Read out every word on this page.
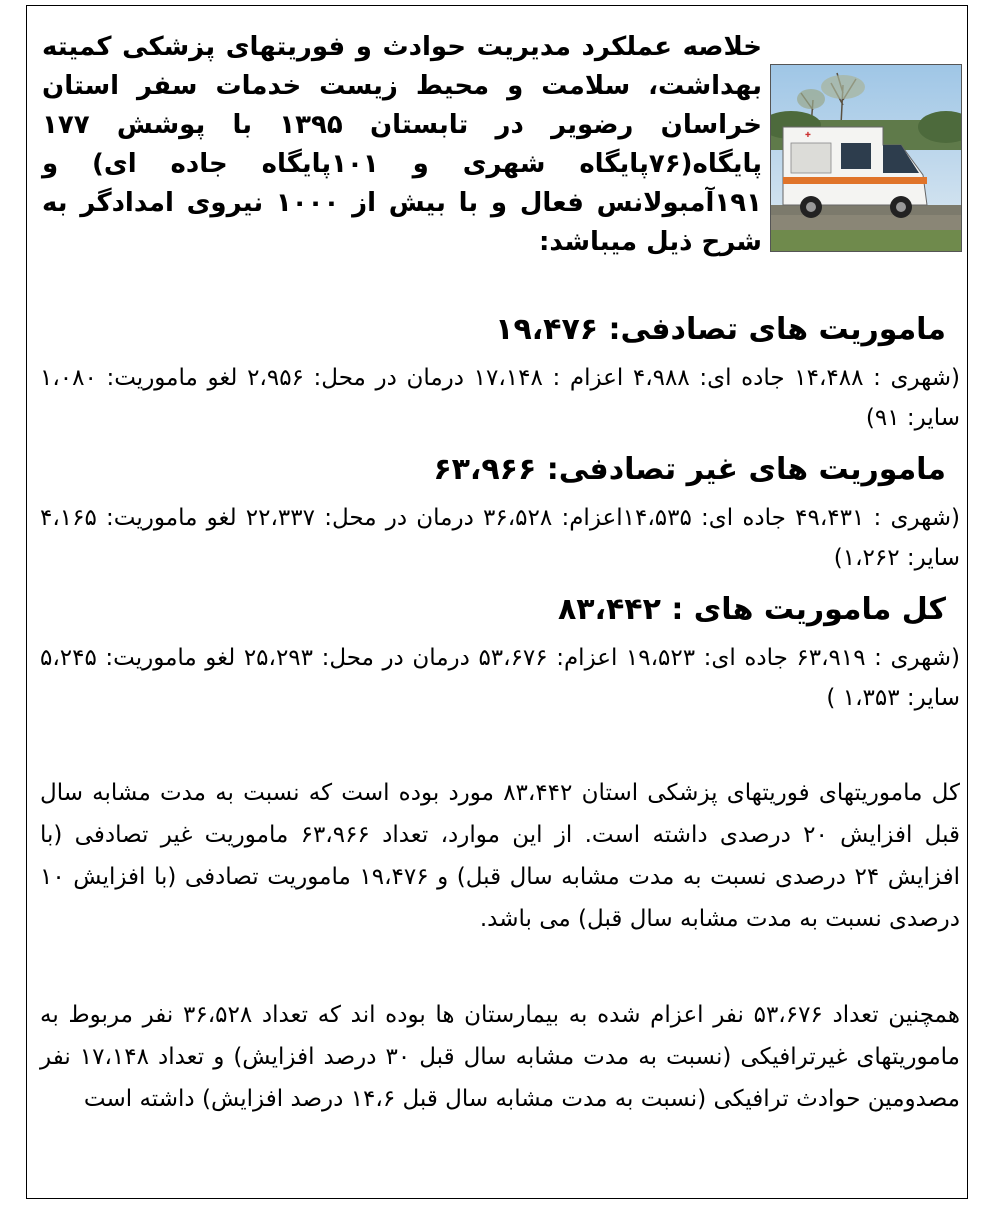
✚
خلاصه عملکرد مدیریت حوادث و فوریتهای پزشکی کمیته بهداشت، سلامت و محیط زیست خدمات سفر استان خراسان رضویر در تابستان ۱۳۹۵ با پوشش ۱۷۷ پایگاه(۷۶پایگاه شهری و ۱۰۱پایگاه جاده ای) و ۱۹۱آمبولانس فعال و با بیش از ۱۰۰۰ نیروی امدادگر به شرح ذیل میباشد:
ماموریت های تصادفی: ۱۹،۴۷۶
(شهری : ۱۴،۴۸۸ جاده ای: ۴،۹۸۸ اعزام : ۱۷،۱۴۸ درمان در محل: ۲،۹۵۶ لغو ماموریت: ۱،۰۸۰ سایر: ۹۱)
ماموریت های غیر تصادفی: ۶۳،۹۶۶
(شهری : ۴۹،۴۳۱ جاده ای: ۱۴،۵۳۵اعزام: ۳۶،۵۲۸ درمان در محل: ۲۲،۳۳۷ لغو ماموریت: ۴،۱۶۵ سایر: ۱،۲۶۲)
کل ماموریت های : ۸۳،۴۴۲
(شهری : ۶۳،۹۱۹ جاده ای: ۱۹،۵۲۳ اعزام: ۵۳،۶۷۶ درمان در محل: ۲۵،۲۹۳ لغو ماموریت: ۵،۲۴۵ سایر: ۱،۳۵۳ )
کل ماموریتهای فوریتهای پزشکی استان ۸۳،۴۴۲ مورد بوده است که نسبت به مدت مشابه سال قبل افزایش ۲۰ درصدی داشته است. از این موارد، تعداد ۶۳،۹۶۶ ماموریت غیر تصادفی (با افزایش ۲۴ درصدی نسبت به مدت مشابه سال قبل) و ۱۹،۴۷۶ ماموریت تصادفی (با افزایش ۱۰ درصدی نسبت به مدت مشابه سال قبل) می باشد.
همچنین تعداد ۵۳،۶۷۶ نفر اعزام شده به بیمارستان ها بوده اند که تعداد ۳۶،۵۲۸ نفر مربوط به ماموریتهای غیرترافیکی (نسبت به مدت مشابه سال قبل ۳۰ درصد افزایش) و تعداد ۱۷،۱۴۸ نفر مصدومین حوادث ترافیکی (نسبت به مدت مشابه سال قبل ۱۴،۶ درصد افزایش) داشته است
